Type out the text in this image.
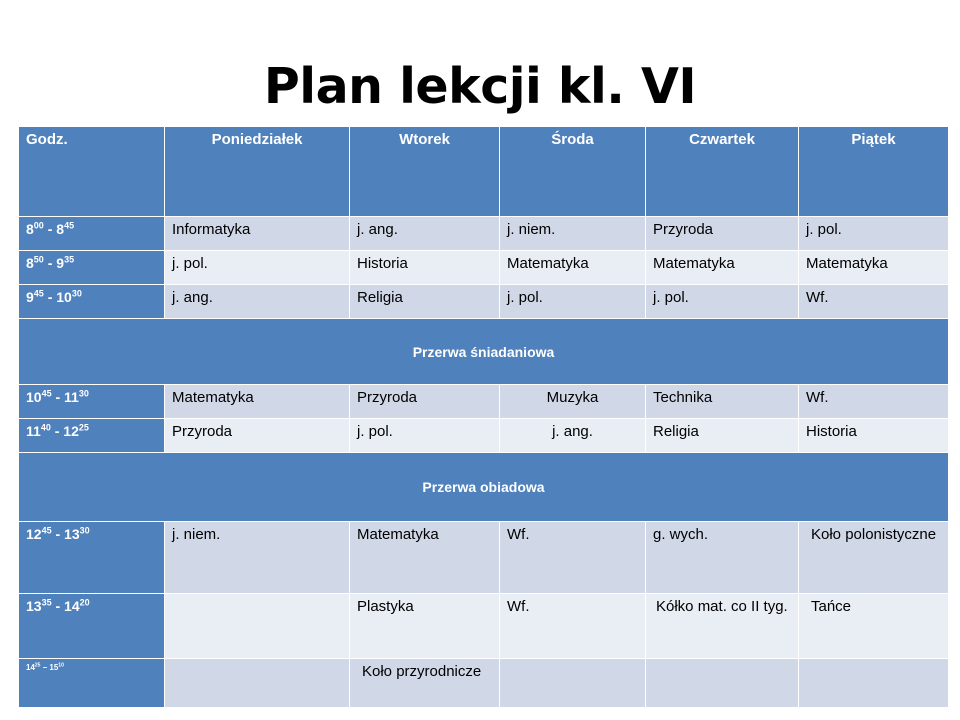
Plan lekcji kl. VI
Godz.	Poniedziałek	Wtorek	Środa	Czwartek	Piątek
$8^{00} - 8^{45}$	Informatyka	j. ang.	j. niem.	Przyroda	j. pol.
$8^{50} - 9^{35}$	j. pol.	Historia	Matematyka	Matematyka	Matematyka
$9^{45} - 10^{30}$	j. ang.	Religia	j. pol.	j. pol.	Wf.
Przerwa śniadaniowa					
$10^{45} - 11^{30}$	Matematyka	Przyroda	Muzyka	Technika	Wf.
$11^{40} - 12^{25}$	Przyroda	j. pol.	j. ang.	Religia	Historia
Przerwa obiadowa					
$12^{45} - 13^{30}$	j. niem.	Matematyka	Wf.	g. wych.	Koło polonistyczne
$13^{35} - 14^{20}$		Plastyka	Wf.	Kółko mat. co II tyg.	Tańce
$14^{25} - 15^{10}$		Koło przyrodnicze			
